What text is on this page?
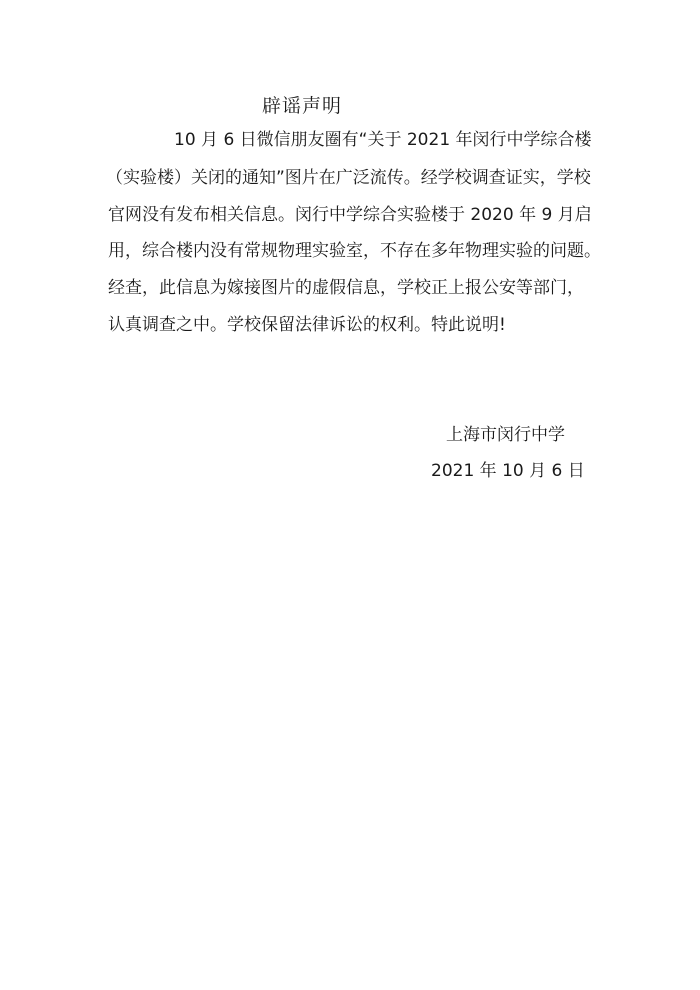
辟谣声明
10 月 6 日微信朋友圈有“关于 2021 年闵行中学综合楼
（实验楼）关闭的通知”图片在广泛流传。经学校调查证实，学校
官网没有发布相关信息。闵行中学综合实验楼于 2020 年 9 月启
用，综合楼内没有常规物理实验室，不存在多年物理实验的问题。
经查，此信息为嫁接图片的虚假信息，学校正上报公安等部门，
认真调查之中。学校保留法律诉讼的权利。特此说明!
上海市闵行中学
2021 年 10 月 6 日
